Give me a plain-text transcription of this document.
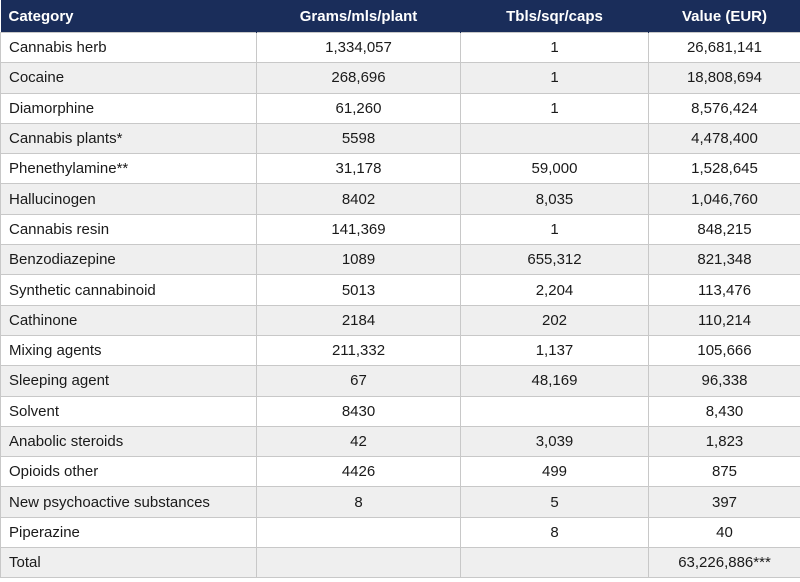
Category	Grams/mls/plant	Tbls/sqr/caps	Value (EUR)
Cannabis herb	1,334,057	1	26,681,141
Cocaine	268,696	1	18,808,694
Diamorphine	61,260	1	8,576,424
Cannabis plants*	5598		4,478,400
Phenethylamine**	31,178	59,000	1,528,645
Hallucinogen	8402	8,035	1,046,760
Cannabis resin	141,369	1	848,215
Benzodiazepine	1089	655,312	821,348
Synthetic cannabinoid	5013	2,204	113,476
Cathinone	2184	202	110,214
Mixing agents	211,332	1,137	105,666
Sleeping agent	67	48,169	96,338
Solvent	8430		8,430
Anabolic steroids	42	3,039	1,823
Opioids other	4426	499	875
New psychoactive substances	8	5	397
Piperazine		8	40
Total			63,226,886***
